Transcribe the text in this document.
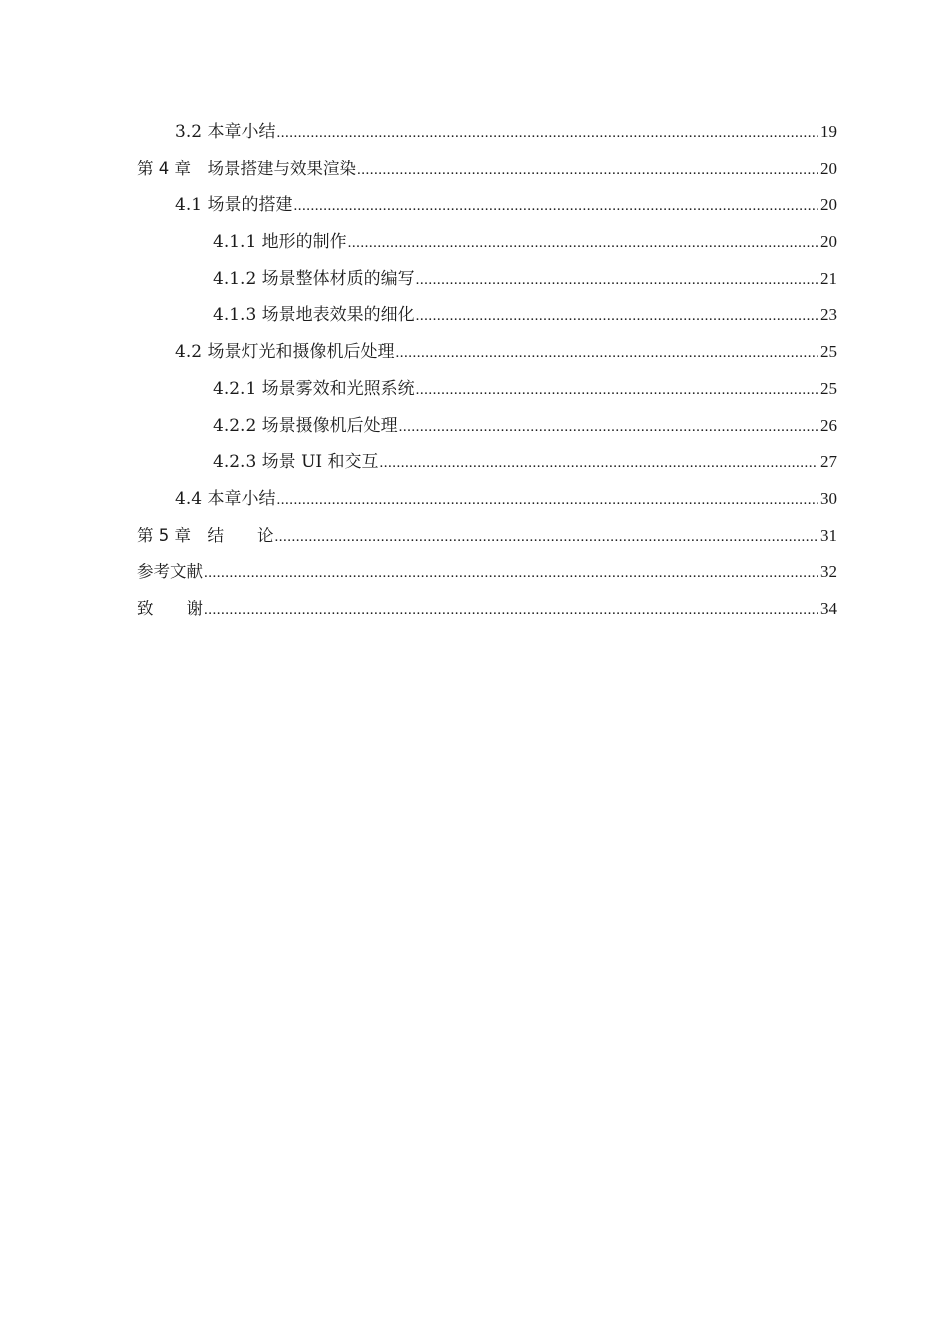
3.2 本章小结 .....	19
第 4 章　场景搭建与效果渲染 .....	20
4.1 场景的搭建 .....	20
4.1.1 地形的制作 .....	20
4.1.2 场景整体材质的编写 .....	21
4.1.3 场景地表效果的细化 .....	23
4.2 场景灯光和摄像机后处理 .....	25
4.2.1 场景雾效和光照系统 .....	25
4.2.2 场景摄像机后处理 .....	26
4.2.3 场景 UI 和交互 .....	27
4.4 本章小结 .....	30
第 5 章　结　　论 .....	31
参考文献 .....	32
致　　谢 .....	34
